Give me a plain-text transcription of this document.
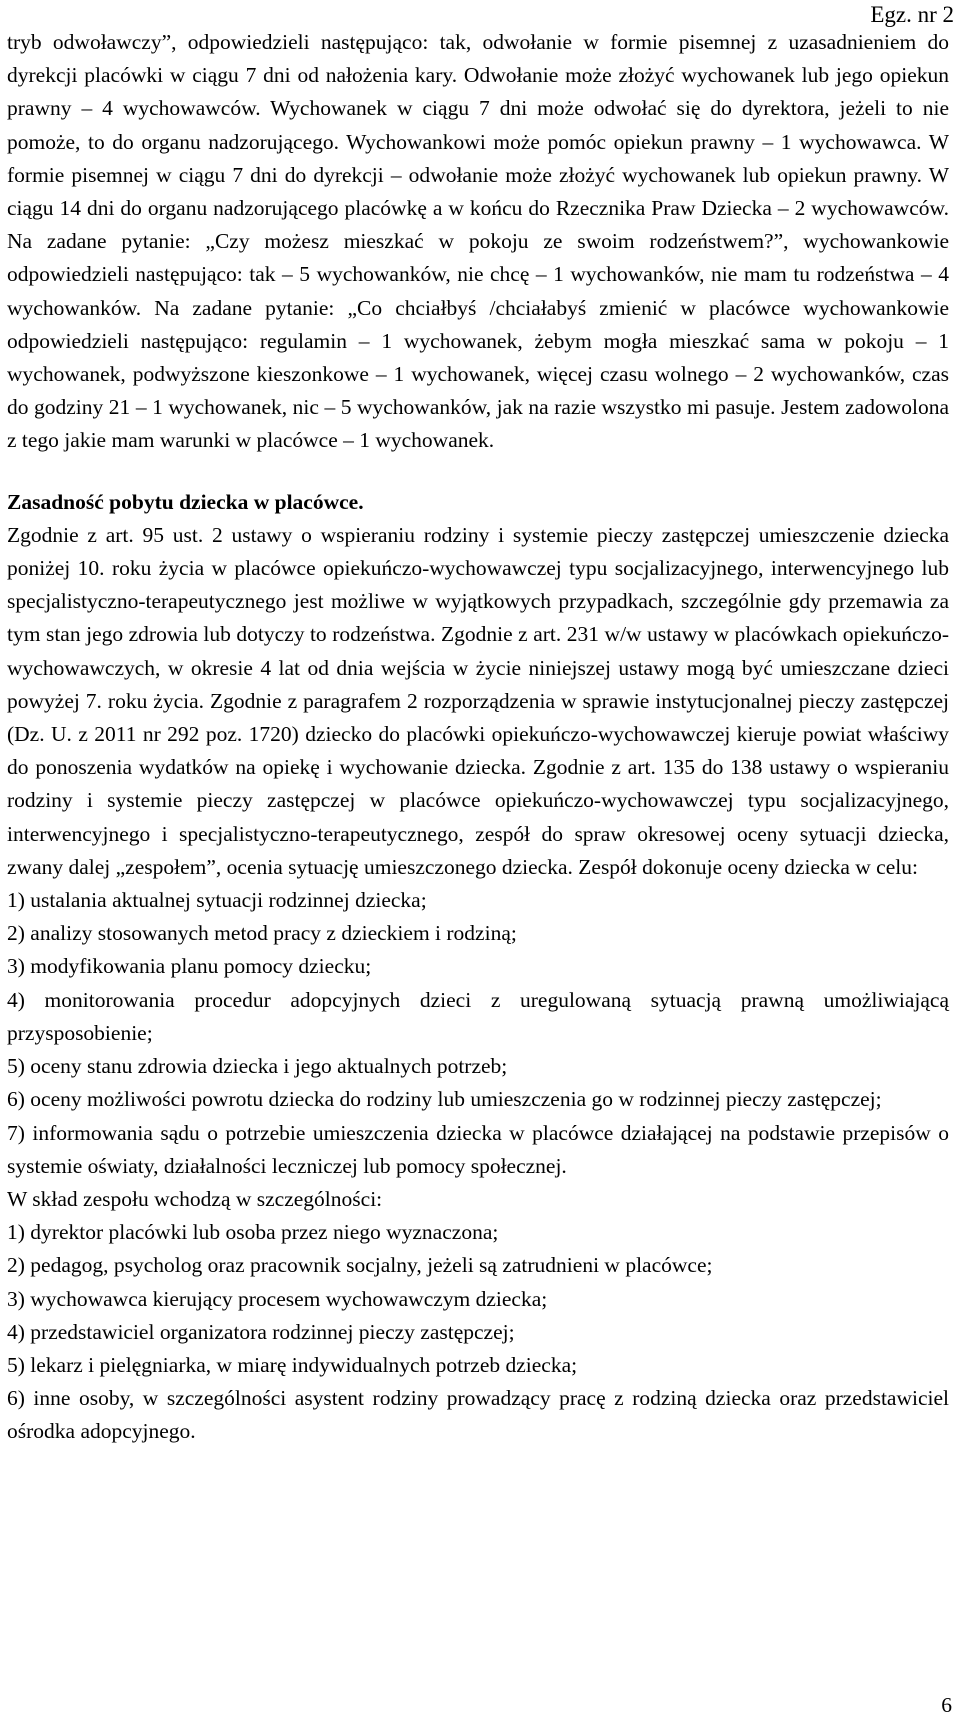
Egz. nr 2

tryb odwoławczy”, odpowiedzieli następująco: tak, odwołanie w formie pisemnej z uzasadnieniem do dyrekcji placówki w ciągu 7 dni od nałożenia kary. Odwołanie może złożyć wychowanek lub jego opiekun prawny – 4 wychowawców. Wychowanek w ciągu 7 dni może odwołać się do dyrektora, jeżeli to nie pomoże, to do organu nadzorującego. Wychowankowi może pomóc opiekun prawny – 1 wychowawca. W formie pisemnej w ciągu 7 dni do dyrekcji – odwołanie może złożyć wychowanek lub opiekun prawny. W ciągu 14 dni do organu nadzorującego placówkę a w końcu do Rzecznika Praw Dziecka – 2 wychowawców. Na zadane pytanie: „Czy możesz mieszkać w pokoju ze swoim rodzeństwem?”, wychowankowie odpowiedzieli następująco: tak – 5 wychowanków, nie chcę – 1 wychowanków, nie mam tu rodzeństwa – 4 wychowanków. Na zadane pytanie: „Co chciałbyś /chciałabyś zmienić w placówce wychowankowie odpowiedzieli następująco: regulamin – 1 wychowanek, żebym mogła mieszkać sama w pokoju – 1 wychowanek, podwyższone kieszonkowe – 1 wychowanek, więcej czasu wolnego – 2 wychowanków, czas do godziny 21 – 1 wychowanek, nic – 5 wychowanków, jak na razie wszystko mi pasuje. Jestem zadowolona z tego jakie mam warunki w placówce – 1 wychowanek.

Zasadność pobytu dziecka w placówce.

Zgodnie z art. 95 ust. 2 ustawy o wspieraniu rodziny i systemie pieczy zastępczej umieszczenie dziecka poniżej 10. roku życia w placówce opiekuńczo-wychowawczej typu socjalizacyjnego, interwencyjnego lub specjalistyczno-terapeutycznego jest możliwe w wyjątkowych przypadkach, szczególnie gdy przemawia za tym stan jego zdrowia lub dotyczy to rodzeństwa. Zgodnie z art. 231 w/w ustawy w placówkach opiekuńczo-wychowawczych, w okresie 4 lat od dnia wejścia w życie niniejszej ustawy mogą być umieszczane dzieci powyżej 7. roku życia. Zgodnie z paragrafem 2 rozporządzenia w sprawie instytucjonalnej pieczy zastępczej (Dz. U. z 2011 nr 292 poz. 1720) dziecko do placówki opiekuńczo-wychowawczej kieruje powiat właściwy do ponoszenia wydatków na opiekę i wychowanie dziecka. Zgodnie z art. 135 do 138 ustawy o wspieraniu rodziny i systemie pieczy zastępczej w placówce opiekuńczo-wychowawczej typu socjalizacyjnego, interwencyjnego i specjalistyczno-terapeutycznego, zespół do spraw okresowej oceny sytuacji dziecka, zwany dalej „zespołem”, ocenia sytuację umieszczonego dziecka. Zespół dokonuje oceny dziecka w celu:

1) ustalania aktualnej sytuacji rodzinnej dziecka;
2) analizy stosowanych metod pracy z dzieckiem i rodziną;
3) modyfikowania planu pomocy dziecku;
4) monitorowania procedur adopcyjnych dzieci z uregulowaną sytuacją prawną umożliwiającą przysposobienie;
5) oceny stanu zdrowia dziecka i jego aktualnych potrzeb;
6) oceny możliwości powrotu dziecka do rodziny lub umieszczenia go w rodzinnej pieczy zastępczej;
7) informowania sądu o potrzebie umieszczenia dziecka w placówce działającej na podstawie przepisów o systemie oświaty, działalności leczniczej lub pomocy społecznej.

W skład zespołu wchodzą w szczególności:

1) dyrektor placówki lub osoba przez niego wyznaczona;
2) pedagog, psycholog oraz pracownik socjalny, jeżeli są zatrudnieni w placówce;
3) wychowawca kierujący procesem wychowawczym dziecka;
4) przedstawiciel organizatora rodzinnej pieczy zastępczej;
5) lekarz i pielęgniarka, w miarę indywidualnych potrzeb dziecka;
6) inne osoby, w szczególności asystent rodziny prowadzący pracę z rodziną dziecka oraz przedstawiciel ośrodka adopcyjnego.
6
